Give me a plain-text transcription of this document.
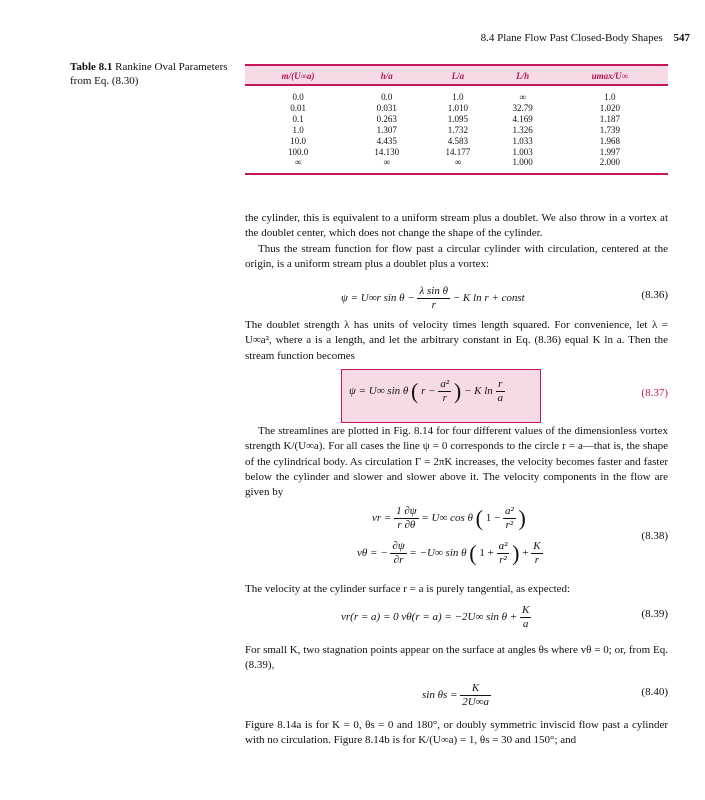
8.4 Plane Flow Past Closed-Body Shapes 547
Table 8.1 Rankine Oval Parameters from Eq. (8.30)	m/(U∞a)	h/a	L/a	L/h	umax/U∞
0.0	0.0	1.0	∞	1.0
0.01	0.031	1.010	32.79	1.020
0.1	0.263	1.095	4.169	1.187
1.0	1.307	1.732	1.326	1.739
10.0	4.435	4.583	1.033	1.968
100.0	14.130	14.177	1.003	1.997
∞	∞	∞	1.000	2.000

the cylinder, this is equivalent to a uniform stream plus a doublet. We also throw in a vortex at the doublet center, which does not change the shape of the cylinder.

Thus the stream function for flow past a circular cylinder with circulation, centered at the origin, is a uniform stream plus a doublet plus a vortex:

ψ = U∞r $\sin \theta - \frac{\text{λ sin θ}}{r} - K$ ln r + const	(8.36)

The doublet strength λ has units of velocity times length squared. For convenience, let λ = U∞a², where a is a length, and let the arbitrary constant in Eq. (8.36) equal K ln a. Then the stream function becomes

ψ = U∞ sin θ ( $r - \frac{\text{a²}}{r}$ ) − K $\ln \frac{r}{a}$	(8.37)

The streamlines are plotted in Fig. 8.14 for four different values of the dimensionless vortex strength K/(U∞a). For all cases the line ψ = 0 corresponds to the circle r = a—that is, the shape of the cylindrical body. As circulation Γ = 2πK increases, the velocity becomes faster and faster below the cylinder and slower and slower above it. The velocity components in the flow are given by

vr = $\frac{1 \partial\psi}{r \partial\theta} = U\infty$ cos θ ( $1 - \frac{\text{a²}}{\text{r²}}$ )
(8.38)
vθ = − $\frac{\partial\psi}{\partial r} = -U\infty$ sin θ ( $1 + \frac{\text{a²}}{\text{r²}}$ ) + $\frac{K}{r}$

The velocity at the cylinder surface r = a is purely tangential, as expected:

vr(r = a) = 0 vθ(r = a) = −2U∞ $\sin \theta + \frac{K}{a}$	(8.39)

For small K, two stagnation points appear on the surface at angles θs where vθ = 0; or, from Eq. (8.39),

$\sin \theta s = \frac{K}{2U\infty a}$	(8.40)

Figure 8.14a is for K = 0, θs = 0 and 180°, or doubly symmetric inviscid flow past a cylinder with no circulation. Figure 8.14b is for K/(U∞a) = 1, θs = 30 and 150°; and
